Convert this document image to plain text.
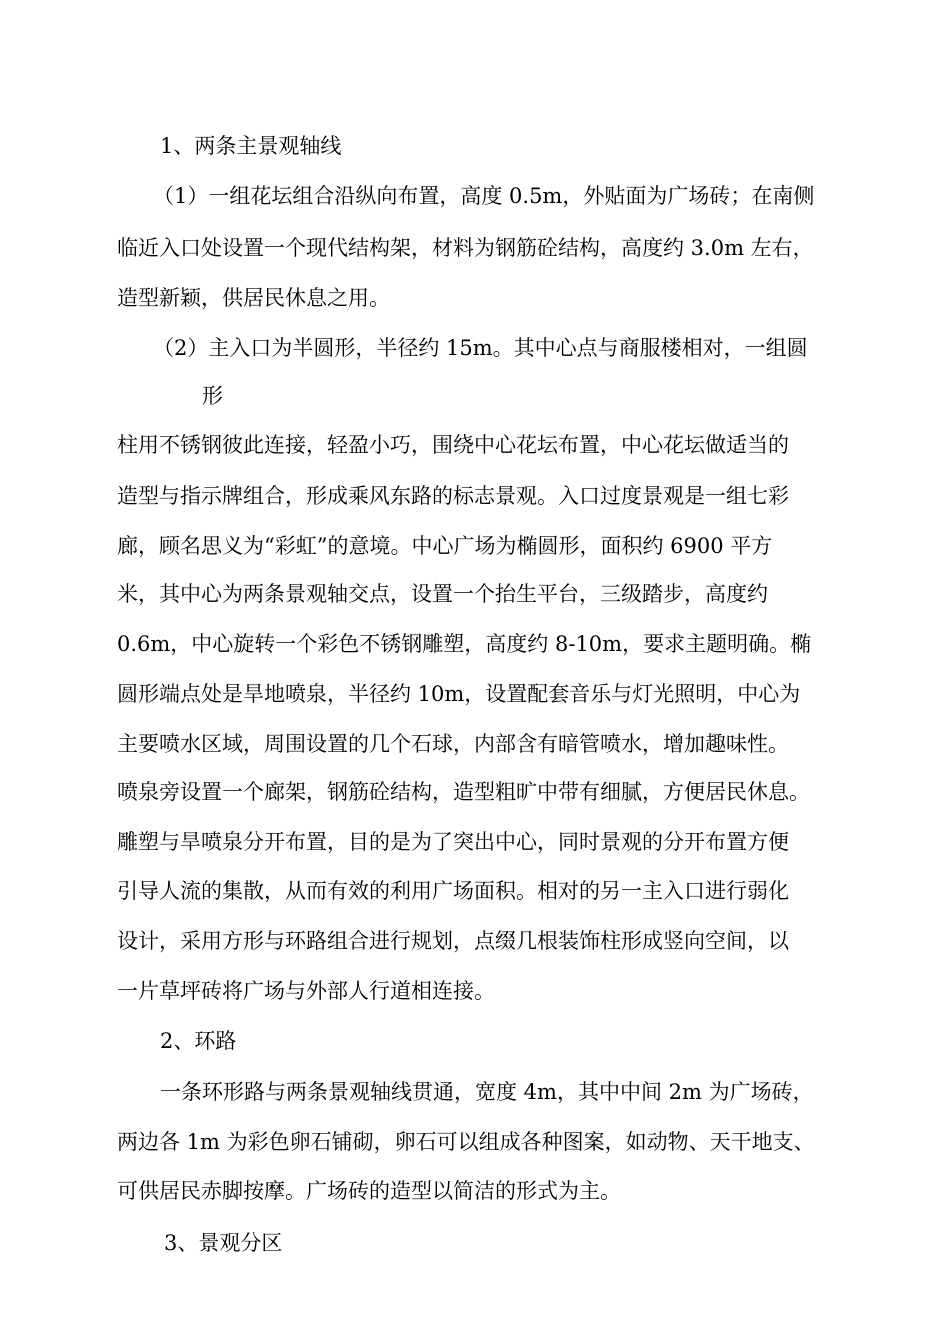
1、两条主景观轴线
（1）一组花坛组合沿纵向布置，高度 0.5m，外贴面为广场砖；在南侧
临近入口处设置一个现代结构架，材料为钢筋砼结构，高度约 3.0m 左右，
造型新颖，供居民休息之用。
（2）主入口为半圆形，半径约 15m。其中心点与商服楼相对，一组圆
形
柱用不锈钢彼此连接，轻盈小巧，围绕中心花坛布置，中心花坛做适当的
造型与指示牌组合，形成乘风东路的标志景观。入口过度景观是一组七彩
廊，顾名思义为“彩虹”的意境。中心广场为椭圆形，面积约 6900 平方
米，其中心为两条景观轴交点，设置一个抬生平台，三级踏步，高度约
0.6m，中心旋转一个彩色不锈钢雕塑，高度约 8-10m，要求主题明确。椭
圆形端点处是旱地喷泉，半径约 10m，设置配套音乐与灯光照明，中心为
主要喷水区域，周围设置的几个石球，内部含有暗管喷水，增加趣味性。
喷泉旁设置一个廊架，钢筋砼结构，造型粗旷中带有细腻，方便居民休息。
雕塑与旱喷泉分开布置，目的是为了突出中心，同时景观的分开布置方便
引导人流的集散，从而有效的利用广场面积。相对的另一主入口进行弱化
设计，采用方形与环路组合进行规划，点缀几根装饰柱形成竖向空间，以
一片草坪砖将广场与外部人行道相连接。
2、环路
一条环形路与两条景观轴线贯通，宽度 4m，其中中间 2m 为广场砖，
两边各 1m 为彩色卵石铺砌，卵石可以组成各种图案，如动物、天干地支、
可供居民赤脚按摩。广场砖的造型以简洁的形式为主。
3、景观分区
